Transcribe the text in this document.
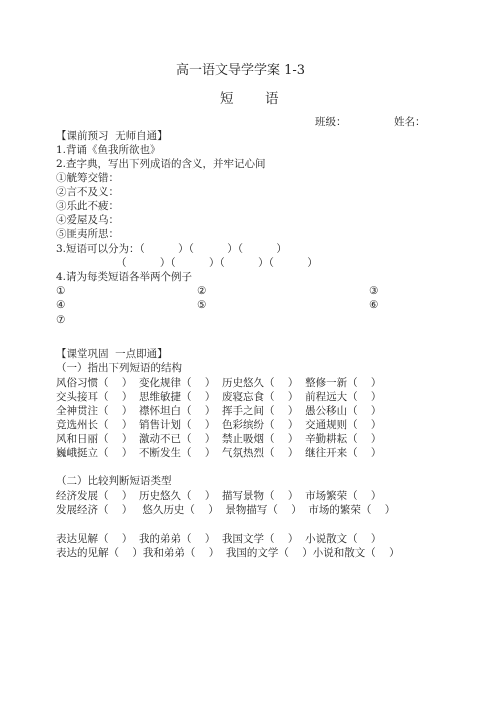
高一语文导学学案 1-3
短 语
班级：	姓名：
【课前预习  无师自通】
1.背诵《鱼我所欲也》
2.查字典，写出下列成语的含义，并牢记心间
①觥筹交错：
②言不及义：
③乐此不疲：
④爱屋及乌：
⑤匪夷所思：
3.短语可以分为：（          ）（          ）（          ）
（          ）（          ）（          ）（          ）
4.请为每类短语各举两个例子
①	②	③
④	⑤	⑥
⑦
【课堂巩固  一点即通】
（一）指出下列短语的结构
风俗习惯（    ）  变化规律（    ）  历史悠久（    ）  整修一新（    ）
交头接耳（    ）  思维敏捷（    ）  废寝忘食（    ）  前程远大（    ）
全神贯注（    ）  襟怀坦白（    ）  挥手之间（    ）  愚公移山（    ）
竞选州长（    ）  销售计划（    ）  色彩缤纷（    ）  交通规则（    ）
风和日丽（    ）  激动不已（    ）  禁止吸烟（    ）  辛勤耕耘（    ）
巍峨挺立（    ）  不断发生（    ）  气氛热烈（    ）  继往开来（    ）
（二）比较判断短语类型
经济发展（    ）  历史悠久（    ）  描写景物（    ）  市场繁荣（    ）
发展经济（    ）   悠久历史（    ）  景物描写（    ）  市场的繁荣（    ）
表达见解（    ）  我的弟弟（    ）  我国文学（    ）  小说散文（    ）
表达的见解（    ）我和弟弟（    ）  我国的文学（    ）小说和散文（    ）
